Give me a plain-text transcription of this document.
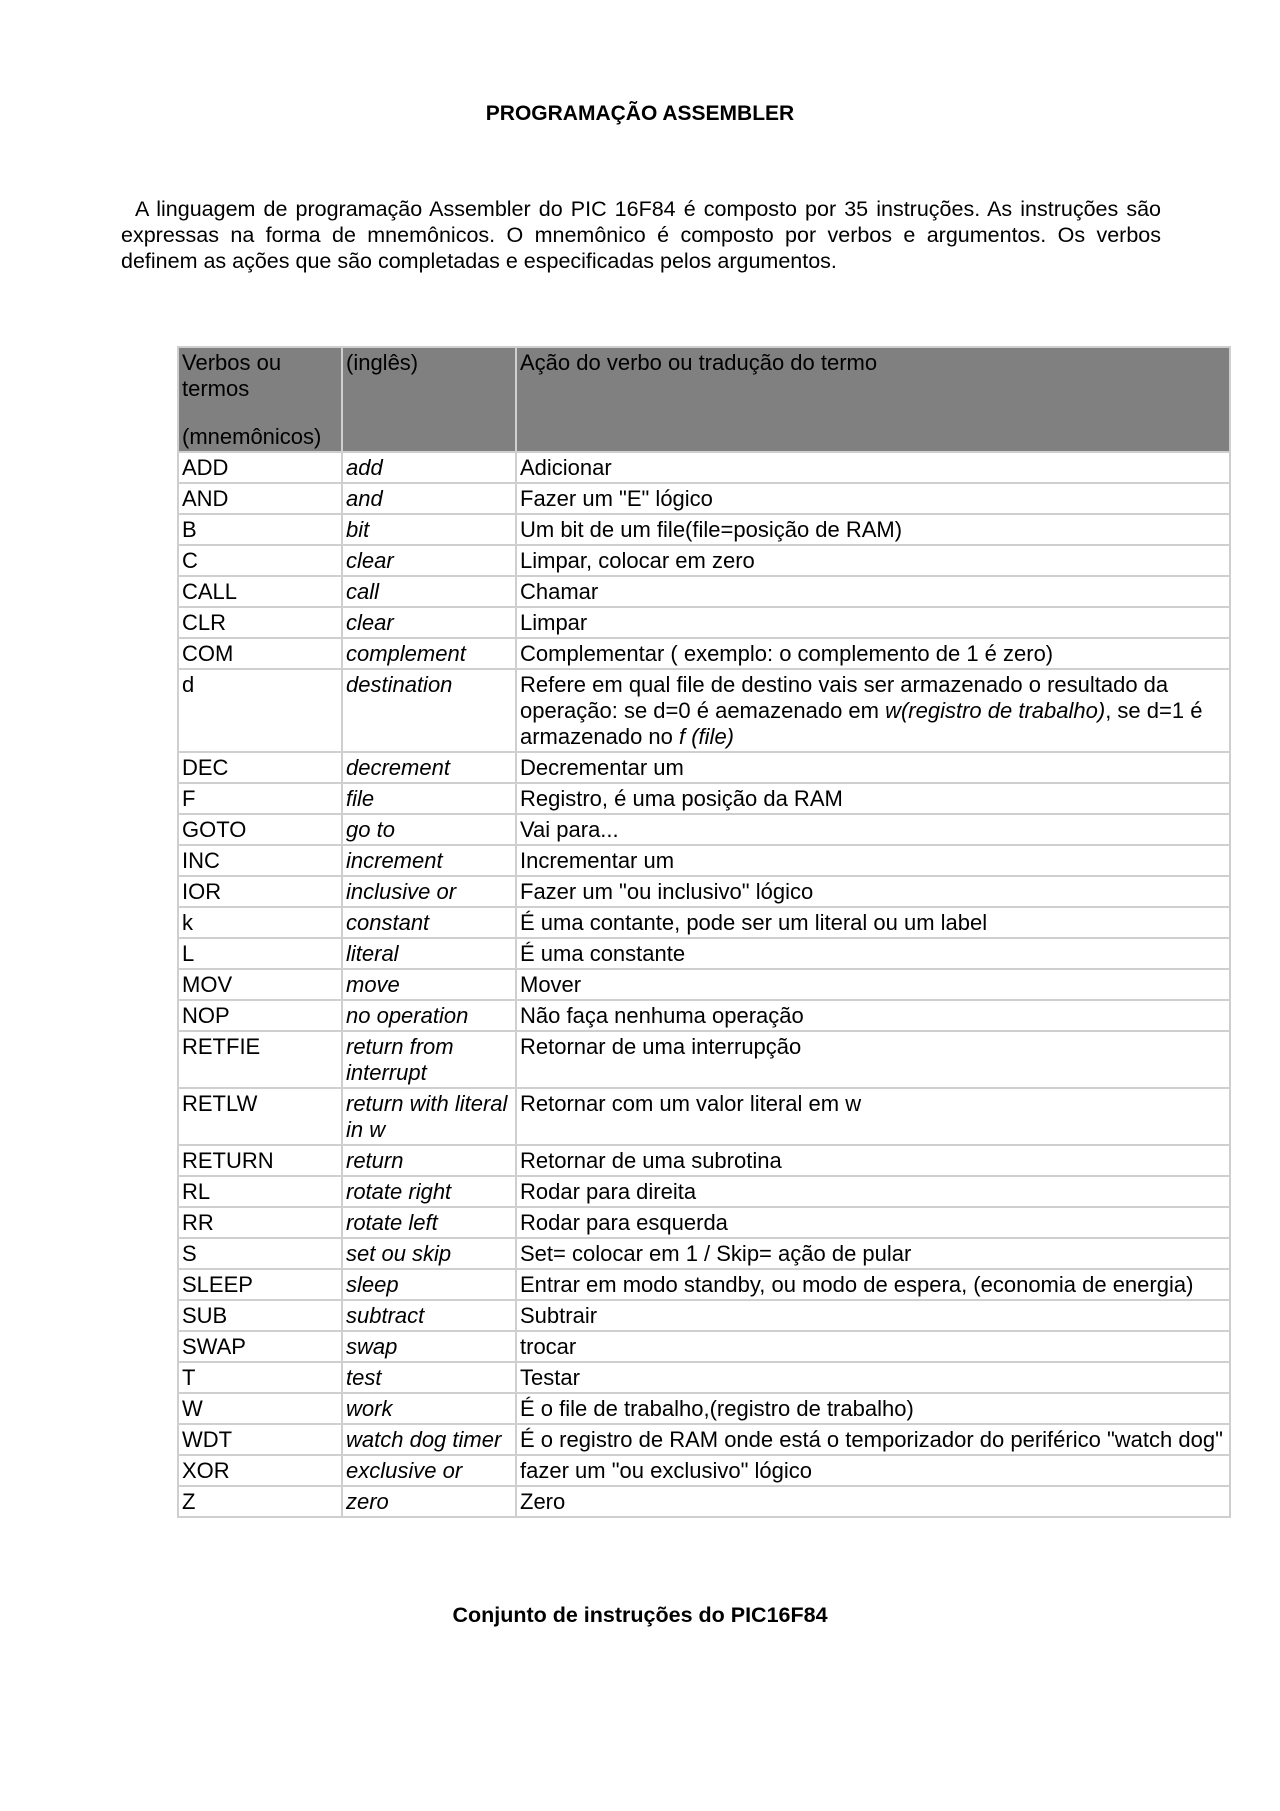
PROGRAMAÇÃO ASSEMBLER

A linguagem de programação Assembler do PIC 16F84 é composto por 35 instruções. As instruções são expressas na forma de mnemônicos. O mnemônico é composto por verbos e argumentos. Os verbos definem as ações que são completadas e especificadas pelos argumentos.

Verbos ou termos
(mnemônicos)	(inglês)	Ação do verbo ou tradução do termo
ADD	add	Adicionar
AND	and	Fazer um "E" lógico
B	bit	Um bit de um file(file=posição de RAM)
C	clear	Limpar, colocar em zero
CALL	call	Chamar
CLR	clear	Limpar
COM	complement	Complementar ( exemplo: o complemento de 1 é zero)
d	destination	Refere em qual file de destino vais ser armazenado o resultado da operação: se d=0 é aemazenado em w(registro de trabalho), se d=1 é armazenado no f (file)
DEC	decrement	Decrementar um
F	file	Registro, é uma posição da RAM
GOTO	go to	Vai para...
INC	increment	Incrementar um
IOR	inclusive or	Fazer um "ou inclusivo" lógico
k	constant	É uma contante, pode ser um literal ou um label
L	literal	É uma constante
MOV	move	Mover
NOP	no operation	Não faça nenhuma operação
RETFIE	return from interrupt	Retornar de uma interrupção
RETLW	return with literal in w	Retornar com um valor literal em w
RETURN	return	Retornar de uma subrotina
RL	rotate right	Rodar para direita
RR	rotate left	Rodar para esquerda
S	set ou skip	Set= colocar em 1 / Skip= ação de pular
SLEEP	sleep	Entrar em modo standby, ou modo de espera, (economia de energia)
SUB	subtract	Subtrair
SWAP	swap	trocar
T	test	Testar
W	work	É o file de trabalho,(registro de trabalho)
WDT	watch dog timer	É o registro de RAM onde está o temporizador do periférico "watch dog"
XOR	exclusive or	fazer um "ou exclusivo" lógico
Z	zero	Zero
Conjunto de instruções do PIC16F84
